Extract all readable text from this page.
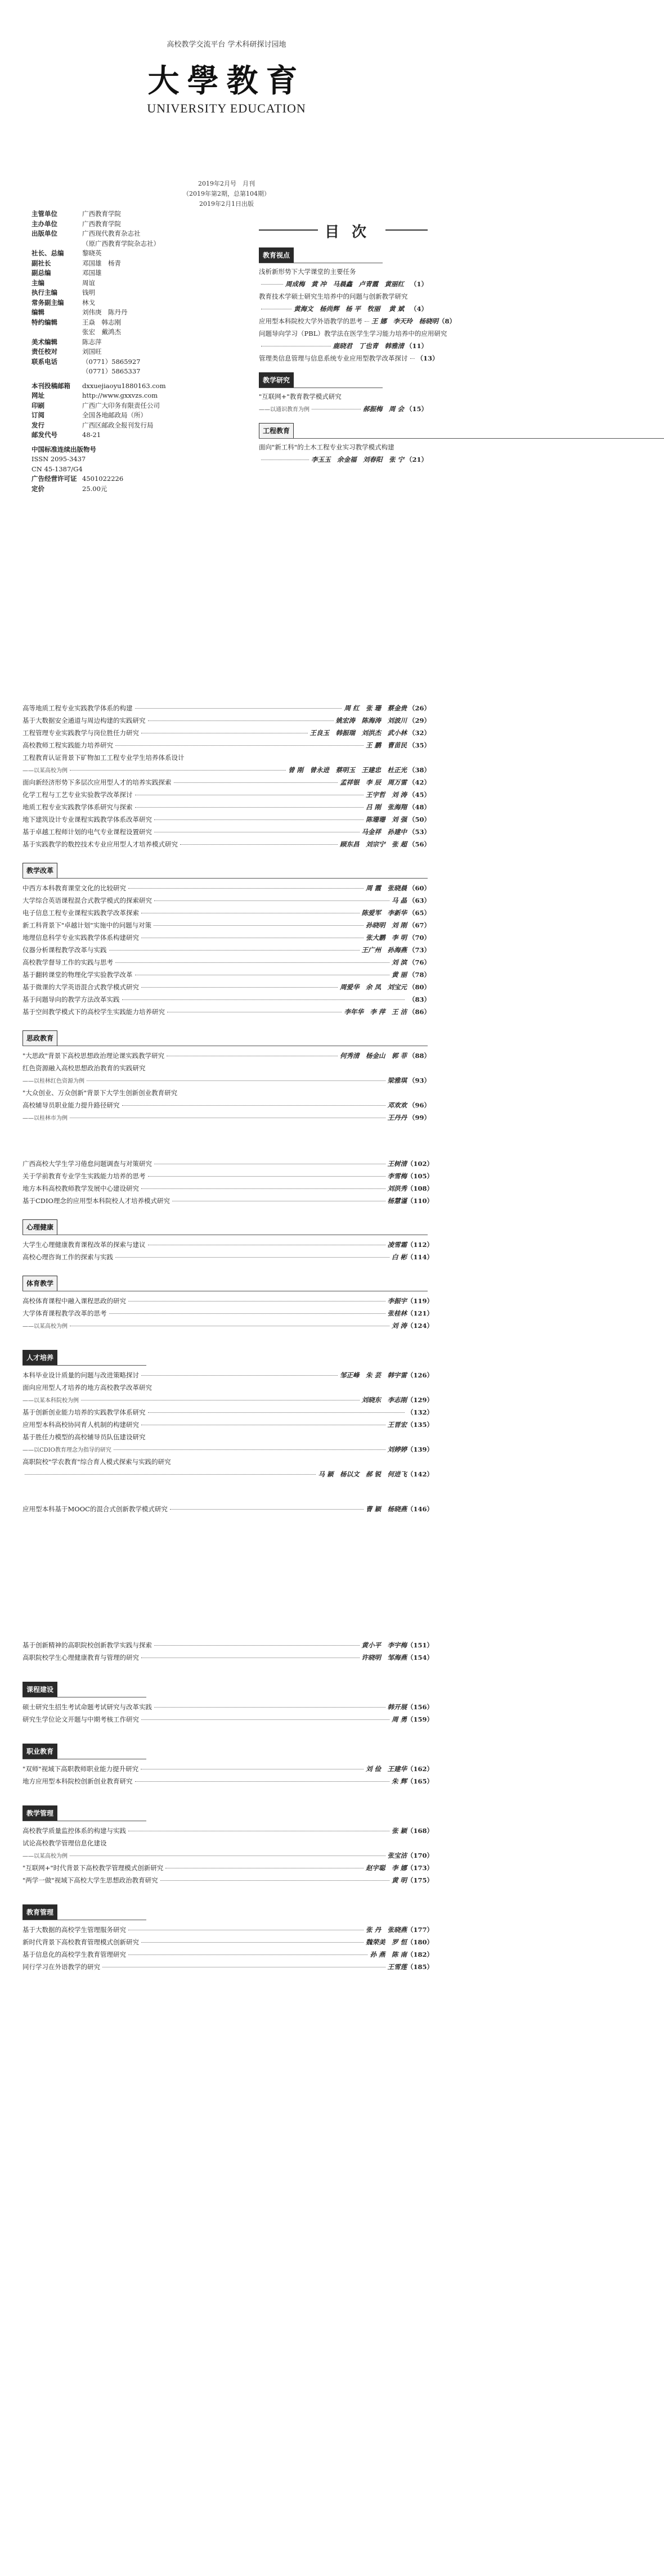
高校教学交流平台 学术科研探讨园地
大學教育
UNIVERSITY EDUCATION
2019年2月号　月刊
（2019年第2期，总第104期）
2019年2月1日出版
主管单位	广西教育学院
主办单位	广西教育学院
出版单位	广西现代教育杂志社
（原广西教育学院杂志社）
社长、总编	黎晓英
副社长	邓国雄　杨青
副总编	邓国雄
主编	周谊
执行主编	钱明
常务副主编	林戈
编辑	刘伟庚　陈丹丹
特约编辑	王焱　韩志刚
张宏　戴鸿杰
美术编辑	陈志萍
责任校对	刘国旺
联系电话	（0771）5865927
（0771）5865337
本刊投稿邮箱	dxxuejiaoyu1880163.com
网址	http://www.gxxvzs.com
印刷	广西广大印务有限责任公司
订阅	全国各地邮政局（所）
发行	广西区邮政全报刊发行局
邮发代号	48-21
中国标准连续出版物号
ISSN 2095-3437
CN 45-1387/G4
广告经营许可证 4501022226
定价	25.00元
目次
教育视点
浅析新形势下大学课堂的主要任务
周成梅　黄 冲　马晨鑫　卢青霞　黄丽红 （1）
教育技术学硕士研究生培养中的问题与创新教学研究
黄海文　杨尚辉　杨 平　牧丽 　黄 斌 （4）
应用型本科院校大学外语教学的思考 王 娜　李天玲　杨晓明 （8）
问题导向学习（PBL）教学法在医学生学习能力培养中的应用研究
鹿晓君　丁也青　韩雅清 （11）
管理类信息管理与信息系统专业应用型教学改革探讨 （13）
教学研究
"互联网+"教育教学模式研究
——以通识教育为例	郝振梅　周 会 （15）
工程教育
面向"新工科"的土木工程专业实习教学模式构建
李玉玉　余金福　刘春阳　张 宁 （21）
高等地质工程专业实践教学体系的构建	周 红　张 珊　蔡金贵 （26）
基于大数据安全通道与周边构建的实践研究	姚宏涛　陈海涛　刘波川 （29）
工程管理专业实践教学与岗位胜任力研究	王良玉　韩振瑞　刘洪杰　武小林 （32）
高校教师工程实践能力培养研究	王 鹏　曹苗民 （35）
工程教育认证背景下矿物加工工程专业学生培养体系设计
——以某高校为例	曾 刚　曾永进　蔡明玉　王建忠　杜正光 （38）
面向新经济形势下多层次应用型人才的培养实践探索	孟祥银　李 辰　周万雷 （42）
化学工程与工艺专业实验教学改革探讨	王宇哲　刘 涛 （45）
地质工程专业实践教学体系研究与探索	吕 刚　张海翔 （48）
地下建筑设计专业课程实践教学体系改革研究	陈珊珊　刘 强 （50）
基于卓越工程师计划的电气专业课程设置研究	马金祥　孙建中 （53）
基于实践教学的数控技术专业应用型人才培养模式研究	顾东昌　刘宗宁　张 超 （56）
教学改革
中西方本科教育课堂文化的比较研究	周 霞　张晓晨 （60）
大学综合英语课程混合式教学模式的探索研究	马 晶 （63）
电子信息工程专业课程实践教学改革探索	陈爱军　李新华 （65）
新工科背景下"卓越计划"实施中的问题与对策	孙晓明　刘 刚 （67）
地理信息科学专业实践教学体系构建研究	张大鹏　李 明 （70）
仪器分析课程教学改革与实践	王广州　孙海燕 （73）
高校教学督导工作的实践与思考	刘 滨 （76）
基于翻转课堂的物理化学实验教学改革	黄 丽 （78）
基于微课的大学英语混合式教学模式研究	周爱华　余 凤　刘宝元 （80）
基于问题导向的教学方法改革实践	（83）
基于空间教学模式下的高校学生实践能力培养研究	李年华　李 萍　王 洁 （86）
思政教育
"大思政"背景下高校思想政治理论课实践教学研究	何秀清　杨金山　郭 菲 （88）
红色资源融入高校思想政治教育的实践研究
——以桂林红色资源为例	梁雅琪 （93）
"大众创业、万众创新"背景下大学生创新创业教育研究
高校辅导员职业能力提升路径研究	邓欢欢 （96）
——以桂林市为例	王丹丹 （99）
广西高校大学生学习倦怠问题调查与对策研究	王树清 （102）
关于学前教育专业学生实践能力培养的思考	李雪梅 （105）
地方本科高校教师教学发展中心建设研究	刘洪秀 （108）
基于CDIO理念的应用型本科院校人才培养模式研究	杨慧谨 （110）
心理健康
大学生心理健康教育课程改革的探索与建议	凌雪霜 （112）
高校心理咨询工作的探索与实践	白 彬 （114）
体育教学
高校体育课程中融入课程思政的研究	李振宇 （119）
大学体育课程教学改革的思考	张桂林 （121）
——以某高校为例	刘 涛 （124）
人才培养
本科毕业设计质量的问题与改进策略探讨	邹正峰　朱 芸　韩宇雷 （126）
面向应用型人才培养的地方高校教学改革研究
——以某本科院校为例	刘晓东　李志刚 （129）
基于创新创业能力培养的实践教学体系研究	（132）
应用型本科高校协同育人机制的构建研究	王晋宏 （135）
基于胜任力模型的高校辅导员队伍建设研究
——以CDIO教育理念为指导的研究	刘婷婷 （139）
高职院校"学农教育"综合育人模式探索与实践的研究
马 颖　杨以文　郝 锐　何进飞 （142）
应用型本科基于MOOC的混合式创新教学模式研究	曹 颖　杨晓燕 （146）
基于创新精神的高职院校创新教学实践与探索	黄小平　李宇梅 （151）
高职院校学生心理健康教育与管理的研究	许晓明　邹海燕 （154）
课程建设
硕士研究生招生考试命题考试研究与改革实践	韩开展 （156）
研究生学位论文开题与中期考核工作研究	周 勇 （159）
职业教育
"双师"视域下高职教师职业能力提升研究	刘 俭　王建华 （162）
地方应用型本科院校创新创业教育研究	朱 辉 （165）
教学管理
高校教学质量监控体系的构建与实践	张 颖 （168）
试论高校教学管理信息化建设
——以某高校为例	张宝洁 （170）
"互联网+"时代背景下高校教学管理模式创新研究	赵宇聪　李 娜 （173）
"两学一做"视域下高校大学生思想政治教育研究	黄 明 （175）
教育管理
基于大数据的高校学生管理服务研究	张 丹　张晓燕 （177）
新时代背景下高校教育管理模式创新研究	魏荣美　罗 恒 （180）
基于信息化的高校学生教育管理研究	孙 燕　陈 南 （182）
同行学习在外语教学的研究	王雪莲 （185）
